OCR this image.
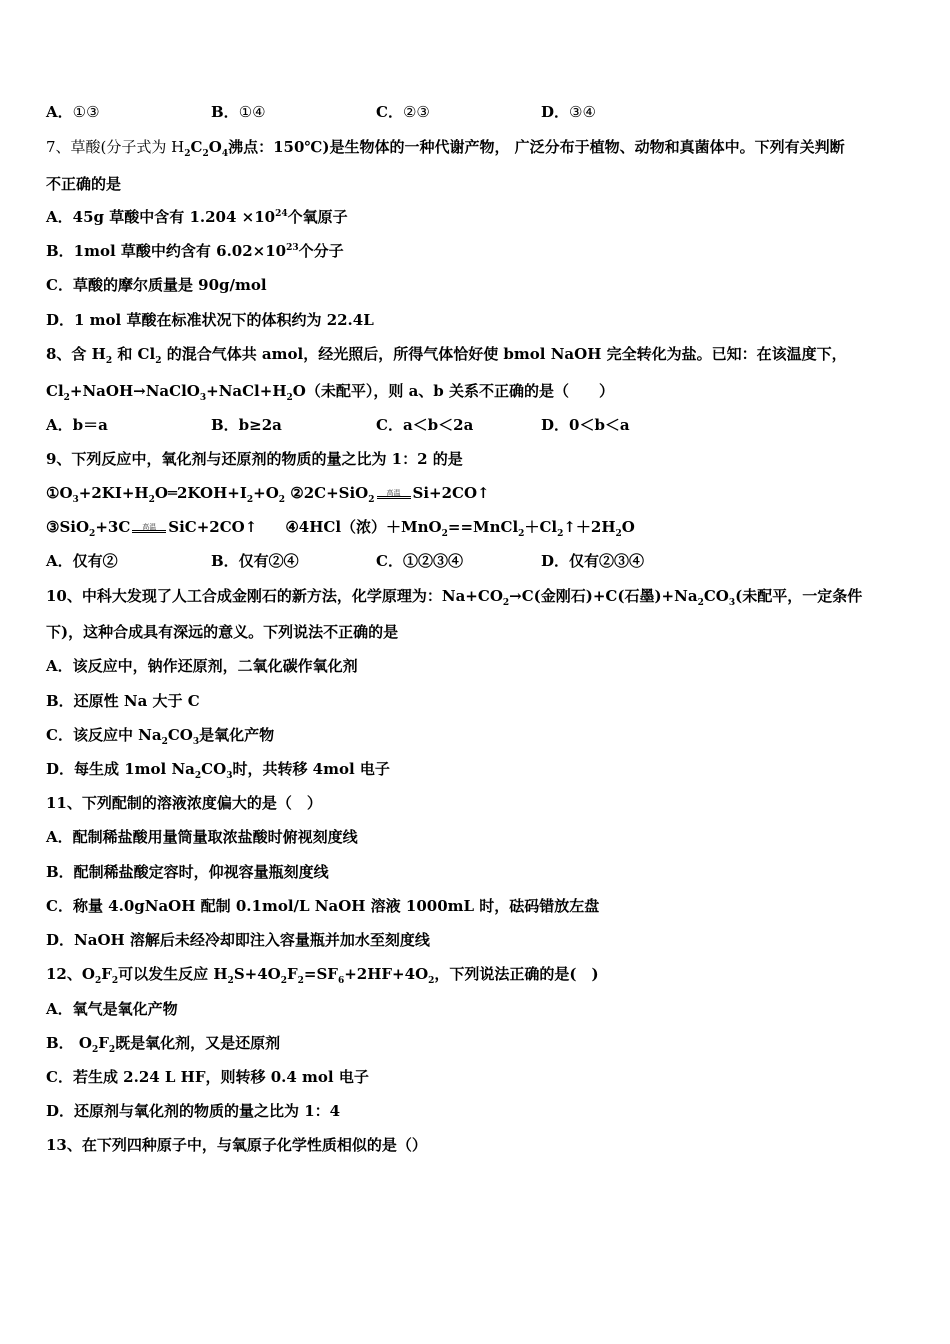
A．①③	B．①④	C．②③	D．③④
7、草酸(分子式为 $H_2C_2O_4$沸点：150℃)是生物体的一种代谢产物， 广泛分布于植物、动物和真菌体中。下列有关判断
不正确的是
A．45g 草酸中含有 $1.204 \times 10^{24}$个氧原子
B．1mol 草酸中约含有 $6.02\times 10^{23}$个分子
C．草酸的摩尔质量是 90g/mol
D．1 mol 草酸在标准状况下的体积约为 22.4L
8、含 $H_2$ 和 $Cl_2$ 的混合气体共 amol，经光照后，所得气体恰好使 bmol NaOH 完全转化为盐。已知：在该温度下，
$Cl_2+NaOH\to NaClO_3+NaCl+H_2O$（未配平），则 a、b 关系不正确的是（　　）
A．b＝a	B．b≥2a	C．a＜b＜2a	D．0＜b＜a
9、下列反应中，氧化剂与还原剂的物质的量之比为 1：2 的是
$①O_3+2KI+H_2O═2KOH+I_2+O_2$ ②2C+SiO$_2$
高温 Si+2CO↑
③SiO$_2$+3C	高温 SiC+2CO↑ ④4HCl（浓）$+MnO_2==MnCl_2+Cl_2↑+2H_2O$
A．仅有②	B．仅有②④	C．①②③④	D．仅有②③④
10、中科大发现了人工合成金刚石的新方法，化学原理为：$Na+CO_2\to C$(金刚石)+C(石墨)$+Na_2CO_3$(未配平，一定条件
下)，这种合成具有深远的意义。下列说法不正确的是
A．该反应中，钠作还原剂，二氧化碳作氧化剂
B．还原性 Na 大于 C
C．该反应中 $Na_2CO_3$是氧化产物
D．每生成 1mol $Na_2CO_3$时，共转移 4mol 电子
11、下列配制的溶液浓度偏大的是（　）
A．配制稀盐酸用量筒量取浓盐酸时俯视刻度线
B．配制稀盐酸定容时，仰视容量瓶刻度线
C．称量 4.0gNaOH 配制 0.1mol/L NaOH 溶液 1000mL 时，砝码错放左盘
D．NaOH 溶解后未经冷却即注入容量瓶并加水至刻度线
12、$O_2F_2$可以发生反应 $H_2S+4O_2F_2=SF_6+2HF+4O_2$，下列说法正确的是(　)
A．氧气是氧化产物
B． $O_2F_2$既是氧化剂，又是还原剂
C．若生成 2.24 L HF，则转移 0.4 mol 电子
D．还原剂与氧化剂的物质的量之比为 1：4
13、在下列四种原子中，与氧原子化学性质相似的是（）
